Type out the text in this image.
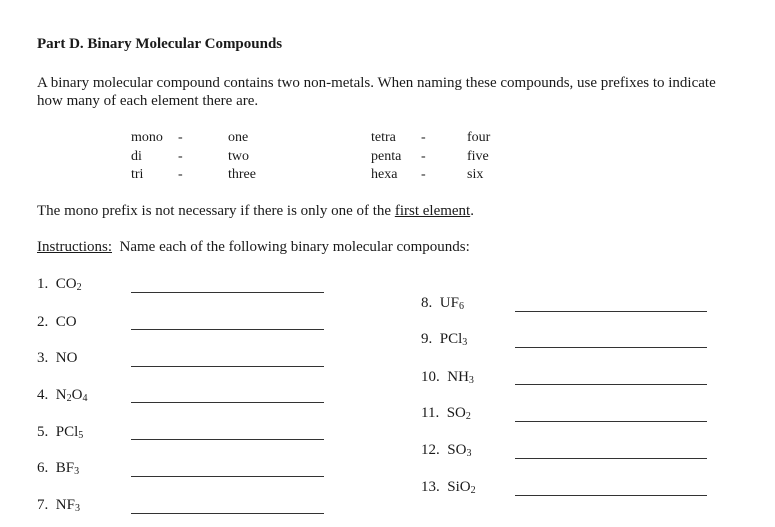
Part D. Binary Molecular Compounds
A binary molecular compound contains two non-metals. When naming these compounds, use prefixes to indicate how many of each element there are.
mono -	one
di	-	two
tri -	three
tetra -	four
penta -	five
hexa -	six
The mono prefix is not necessary if there is only one of the first element.
Instructions: Name each of the following binary molecular compounds:
1. $CO_2$
2. CO
3. NO
4. $N_2O_4$
5. PCl$_5$
6. $BF_3$
7. $NF_3$
8. $UF_6$
9. PCl$_3$
10. $NH_3$
11. $SO_2$
12. $SO_3$
13. SiO$_2$
